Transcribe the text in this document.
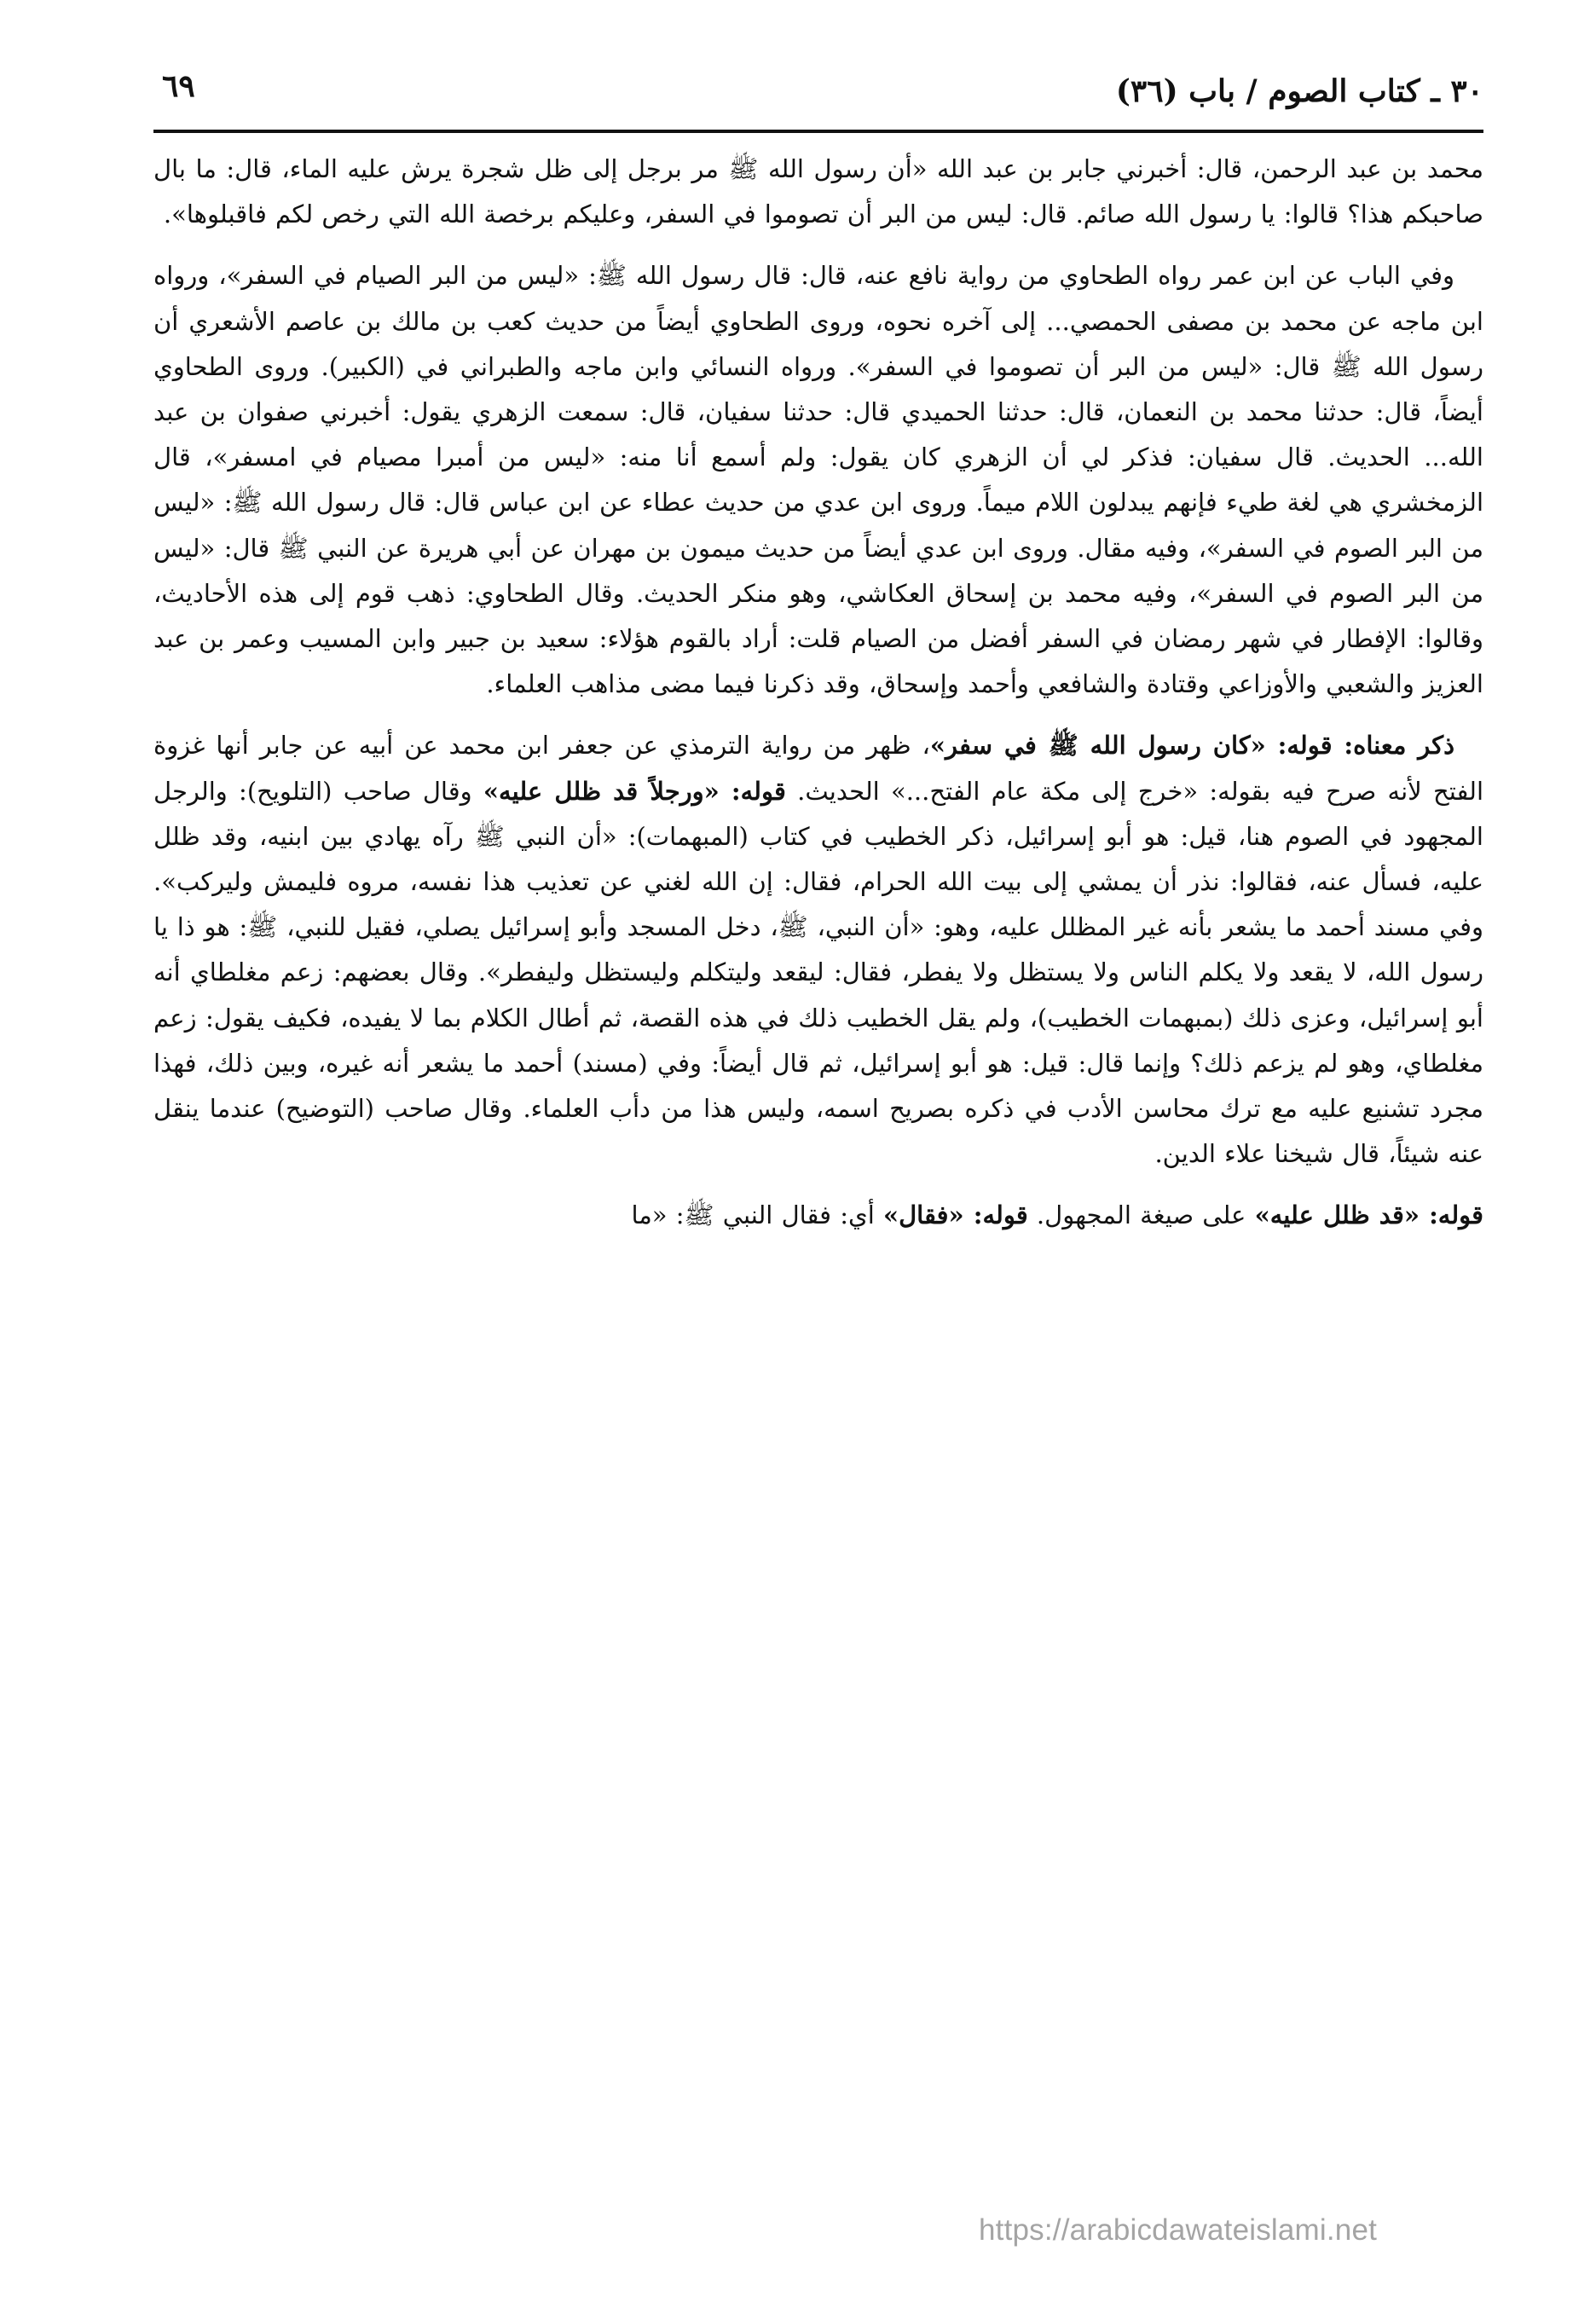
٣٠ ـ كتاب الصوم / باب (٣٦)
٦٩

محمد بن عبد الرحمن، قال: أخبرني جابر بن عبد الله «أن رسول الله ﷺ مر برجل إلى ظل شجرة يرش عليه الماء، قال: ما بال صاحبكم هذا؟ قالوا: يا رسول الله صائم. قال: ليس من البر أن تصوموا في السفر، وعليكم برخصة الله التي رخص لكم فاقبلوها».

وفي الباب عن ابن عمر رواه الطحاوي من رواية نافع عنه، قال: قال رسول الله ﷺ: «ليس من البر الصيام في السفر»، ورواه ابن ماجه عن محمد بن مصفى الحمصي... إلى آخره نحوه، وروى الطحاوي أيضاً من حديث كعب بن مالك بن عاصم الأشعري أن رسول الله ﷺ قال: «ليس من البر أن تصوموا في السفر». ورواه النسائي وابن ماجه والطبراني في (الكبير). وروى الطحاوي أيضاً، قال: حدثنا محمد بن النعمان، قال: حدثنا الحميدي قال: حدثنا سفيان، قال: سمعت الزهري يقول: أخبرني صفوان بن عبد الله... الحديث. قال سفيان: فذكر لي أن الزهري كان يقول: ولم أسمع أنا منه: «ليس من أمبرا مصيام في امسفر»، قال الزمخشري هي لغة طيء فإنهم يبدلون اللام ميماً. وروى ابن عدي من حديث عطاء عن ابن عباس قال: قال رسول الله ﷺ: «ليس من البر الصوم في السفر»، وفيه مقال. وروى ابن عدي أيضاً من حديث ميمون بن مهران عن أبي هريرة عن النبي ﷺ قال: «ليس من البر الصوم في السفر»، وفيه محمد بن إسحاق العكاشي، وهو منكر الحديث. وقال الطحاوي: ذهب قوم إلى هذه الأحاديث، وقالوا: الإفطار في شهر رمضان في السفر أفضل من الصيام قلت: أراد بالقوم هؤلاء: سعيد بن جبير وابن المسيب وعمر بن عبد العزيز والشعبي والأوزاعي وقتادة والشافعي وأحمد وإسحاق، وقد ذكرنا فيما مضى مذاهب العلماء.

ذكر معناه: قوله: «كان رسول الله ﷺ في سفر»، ظهر من رواية الترمذي عن جعفر ابن محمد عن أبيه عن جابر أنها غزوة الفتح لأنه صرح فيه بقوله: «خرج إلى مكة عام الفتح...» الحديث. قوله: «ورجلاً قد ظلل عليه» وقال صاحب (التلويح): والرجل المجهود في الصوم هنا، قيل: هو أبو إسرائيل، ذكر الخطيب في كتاب (المبهمات): «أن النبي ﷺ رآه يهادي بين ابنيه، وقد ظلل عليه، فسأل عنه، فقالوا: نذر أن يمشي إلى بيت الله الحرام، فقال: إن الله لغني عن تعذيب هذا نفسه، مروه فليمش وليركب». وفي مسند أحمد ما يشعر بأنه غير المظلل عليه، وهو: «أن النبي، ﷺ، دخل المسجد وأبو إسرائيل يصلي، فقيل للنبي، ﷺ: هو ذا يا رسول الله، لا يقعد ولا يكلم الناس ولا يستظل ولا يفطر، فقال: ليقعد وليتكلم وليستظل وليفطر». وقال بعضهم: زعم مغلطاي أنه أبو إسرائيل، وعزى ذلك (بمبهمات الخطيب)، ولم يقل الخطيب ذلك في هذه القصة، ثم أطال الكلام بما لا يفيده، فكيف يقول: زعم مغلطاي، وهو لم يزعم ذلك؟ وإنما قال: قيل: هو أبو إسرائيل، ثم قال أيضاً: وفي (مسند) أحمد ما يشعر أنه غيره، وبين ذلك، فهذا مجرد تشنيع عليه مع ترك محاسن الأدب في ذكره بصريح اسمه، وليس هذا من دأب العلماء. وقال صاحب (التوضيح) عندما ينقل عنه شيئاً، قال شيخنا علاء الدين.

قوله: «قد ظلل عليه» على صيغة المجهول. قوله: «فقال» أي: فقال النبي ﷺ: «ما

https://arabicdawateislami.net
